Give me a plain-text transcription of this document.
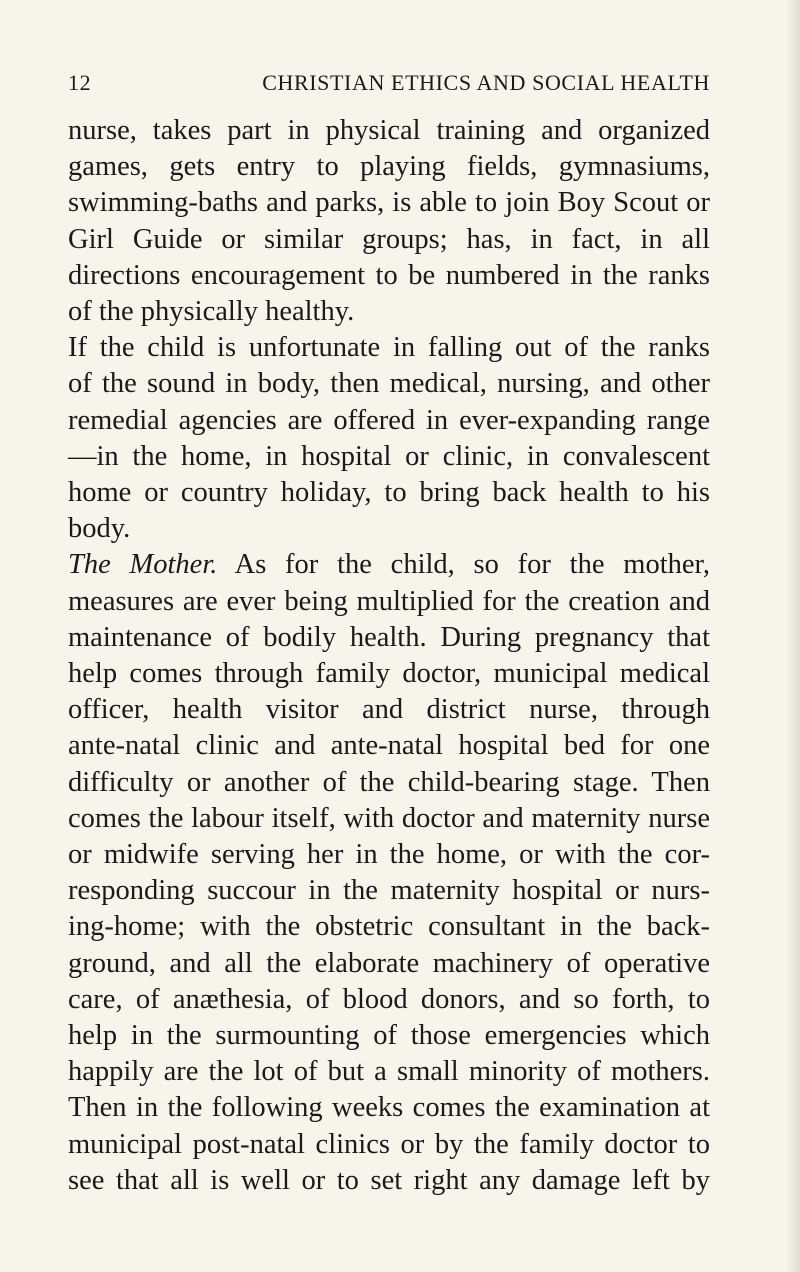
12	CHRISTIAN ETHICS AND SOCIAL HEALTH

nurse, takes part in physical training and organized
games, gets entry to playing fields, gymnasiums,
swimming-baths and parks, is able to join Boy Scout or
Girl Guide or similar groups; has, in fact, in all
directions encouragement to be numbered in the ranks
of the physically healthy.

If the child is unfortunate in falling out of the ranks
of the sound in body, then medical, nursing, and other
remedial agencies are offered in ever-expanding range
—in the home, in hospital or clinic, in convalescent
home or country holiday, to bring back health to his
body.

The Mother. As for the child, so for the mother,
measures are ever being multiplied for the creation and
maintenance of bodily health. During pregnancy that
help comes through family doctor, municipal medical
officer, health visitor and district nurse, through
ante-natal clinic and ante-natal hospital bed for one
difficulty or another of the child-bearing stage. Then
comes the labour itself, with doctor and maternity nurse
or midwife serving her in the home, or with the cor-
responding succour in the maternity hospital or nurs-
ing-home; with the obstetric consultant in the back-
ground, and all the elaborate machinery of operative
care, of anæthesia, of blood donors, and so forth, to
help in the surmounting of those emergencies which
happily are the lot of but a small minority of mothers.
Then in the following weeks comes the examination at
municipal post-natal clinics or by the family doctor to
see that all is well or to set right any damage left by
